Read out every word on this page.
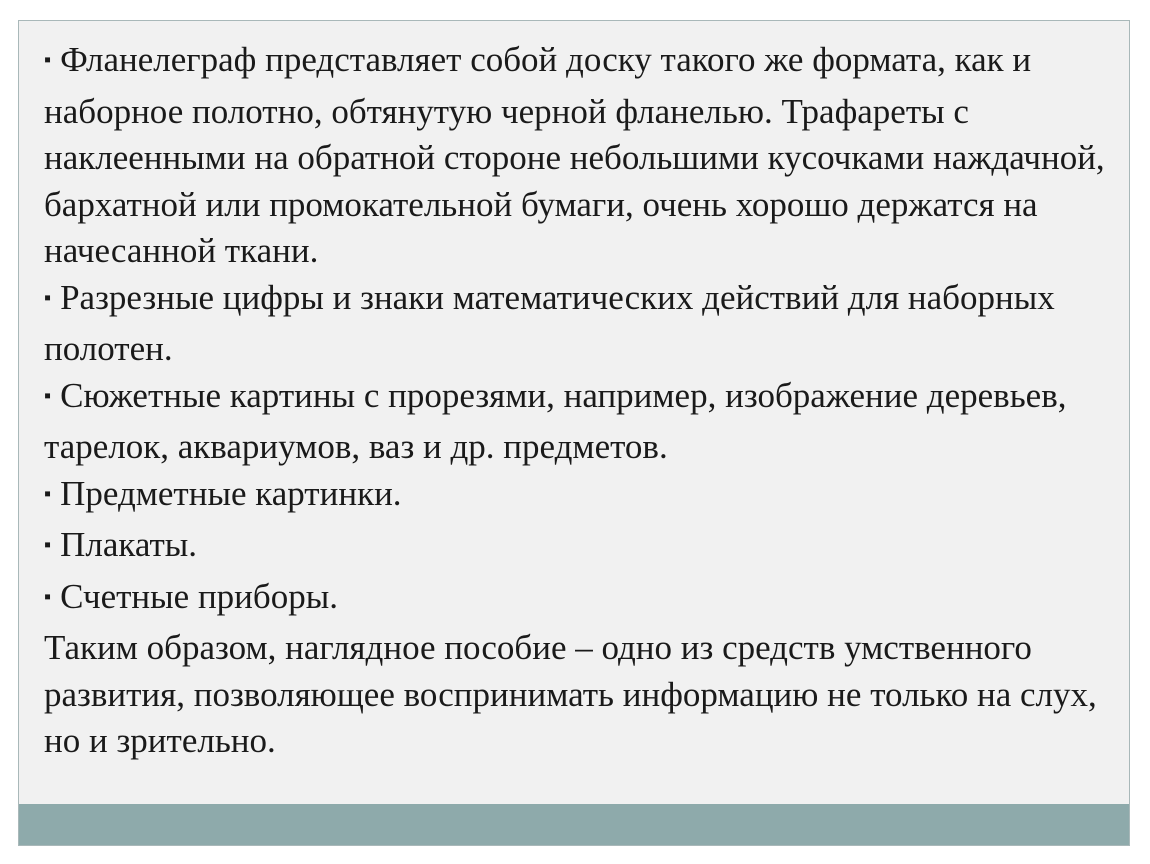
▪ Фланелеграф представляет собой доску такого же формата, как и наборное полотно, обтянутую черной фланелью. Трафареты с наклеенными на обратной стороне небольшими кусочками наждачной, бархатной или промокательной бумаги, очень хорошо держатся на начесанной ткани.

▪ Разрезные цифры и знаки математических действий для наборных полотен.

▪ Сюжетные картины с прорезями, например, изображение деревьев, тарелок, аквариумов, ваз и др. предметов.

▪ Предметные картинки.

▪ Плакаты.

▪ Счетные приборы.

Таким образом, наглядное пособие – одно из средств умственного развития, позволяющее воспринимать информацию не только на слух, но и зрительно.
